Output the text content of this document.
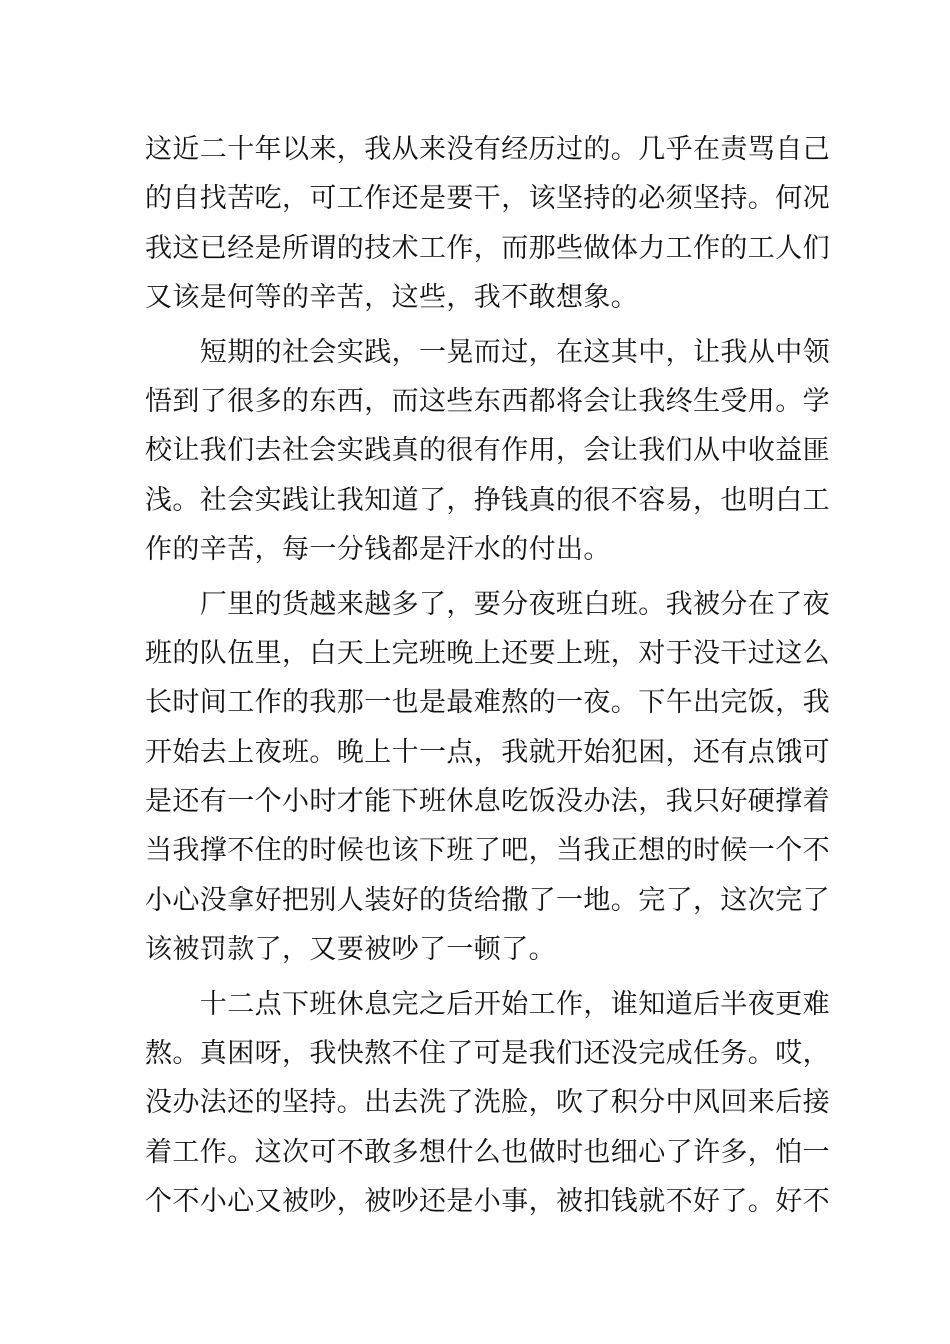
这近二十年以来，我从来没有经历过的。几乎在责骂自己
的自找苦吃，可工作还是要干，该坚持的必须坚持。何况
我这已经是所谓的技术工作，而那些做体力工作的工人们
又该是何等的辛苦，这些，我不敢想象。
　　短期的社会实践，一晃而过，在这其中，让我从中领
悟到了很多的东西，而这些东西都将会让我终生受用。学
校让我们去社会实践真的很有作用，会让我们从中收益匪
浅。社会实践让我知道了，挣钱真的很不容易，也明白工
作的辛苦，每一分钱都是汗水的付出。
　　厂里的货越来越多了，要分夜班白班。我被分在了夜
班的队伍里，白天上完班晚上还要上班，对于没干过这么
长时间工作的我那一也是最难熬的一夜。下午出完饭，我
开始去上夜班。晚上十一点，我就开始犯困，还有点饿可
是还有一个小时才能下班休息吃饭没办法，我只好硬撑着
当我撑不住的时候也该下班了吧，当我正想的时候一个不
小心没拿好把别人装好的货给撒了一地。完了，这次完了
该被罚款了，又要被吵了一顿了。
　　十二点下班休息完之后开始工作，谁知道后半夜更难
熬。真困呀，我快熬不住了可是我们还没完成任务。哎，
没办法还的坚持。出去洗了洗脸，吹了积分中风回来后接
着工作。这次可不敢多想什么也做时也细心了许多，怕一
个不小心又被吵，被吵还是小事，被扣钱就不好了。好不
